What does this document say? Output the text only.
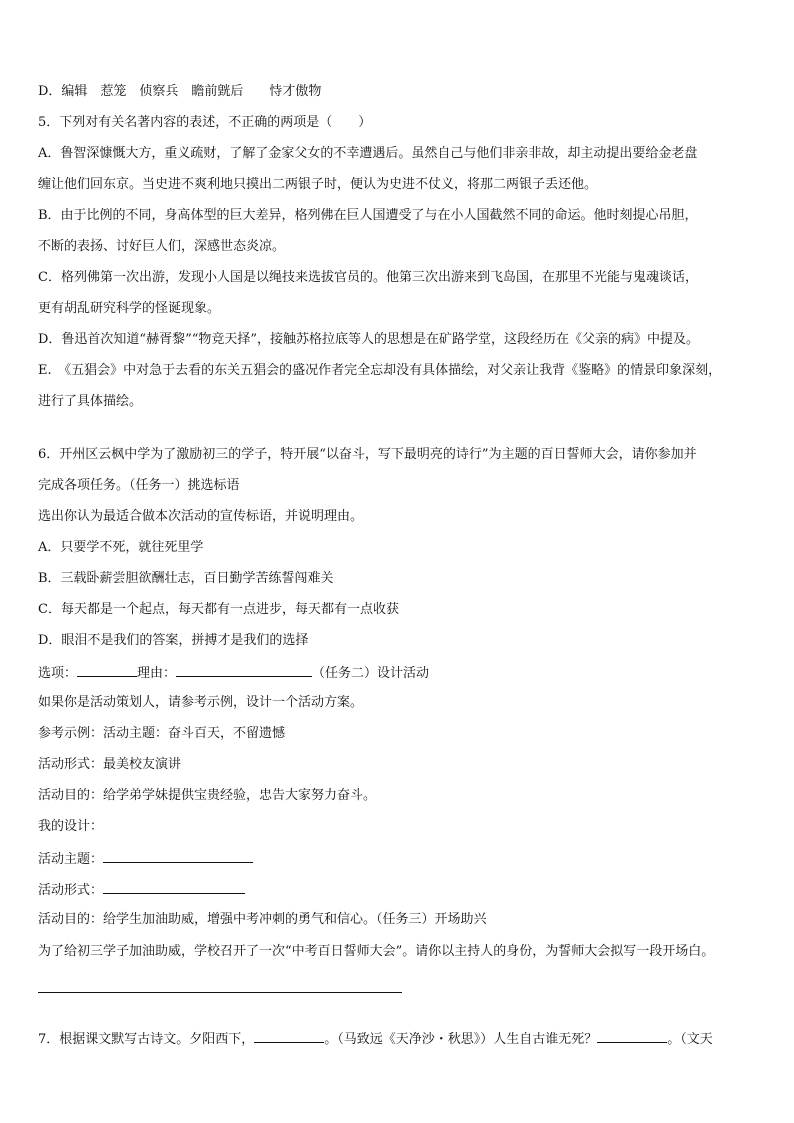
D．编辑　惹笼　侦察兵　瞻前皝后　　恃才傲物
5．下列对有关名著内容的表述，不正确的两项是（　　）
A．鲁智深慷慨大方，重义疏财，了解了金家父女的不幸遭遇后。虽然自己与他们非亲非故，却主动提出要给金老盘
缠让他们回东京。当史进不爽利地只摸出二两银子时，便认为史进不仗义，将那二两银子丢还他。
B．由于比例的不同，身高体型的巨大差异，格列佛在巨人国遭受了与在小人国截然不同的命运。他时刻提心吊胆，
不断的表扬、讨好巨人们，深感世态炎凉。
C．格列佛第一次出游，发现小人国是以绳技来选拔官员的。他第三次出游来到飞岛国，在那里不光能与鬼魂谈话，
更有胡乱研究科学的怪诞现象。
D．鲁迅首次知道“赫胥黎”“物竞天择”，接触苏格拉底等人的思想是在矿路学堂，这段经历在《父亲的病》中提及。
E.　《五猖会》中对急于去看的东关五猖会的盛况作者完全忘却没有具体描绘，对父亲让我背《鉴略》的情景印象深刻，
进行了具体描绘。
6．开州区云枫中学为了激励初三的学子，特开展“以奋斗，写下最明亮的诗行”为主题的百日誓师大会，请你参加并
完成各项任务。（任务一）挑选标语
选出你认为最适合做本次活动的宣传标语，并说明理由。
A．只要学不死，就往死里学
B．三载卧薪尝胆欲酬壮志，百日勤学苦练誓闯难关
C．每天都是一个起点，每天都有一点进步，每天都有一点收获
D．眼泪不是我们的答案，拼搏才是我们的选择
选项：	理由：	（任务二）设计活动
如果你是活动策划人，请参考示例，设计一个活动方案。
参考示例：活动主题：奋斗百天，不留遗憾
活动形式：最美校友演讲
活动目的：给学弟学妹提供宝贵经验，忠告大家努力奋斗。
我的设计：
活动主题：
活动形式：
活动目的：给学生加油助威，增强中考冲刺的勇气和信心。（任务三）开场助兴
为了给初三学子加油助威，学校召开了一次“中考百日誓师大会”。请你以主持人的身份，为誓师大会拟写一段开场白。
7．根据课文默写古诗文。夕阳西下，	。（马致远《天净沙・秋思》）人生自古谁无死？	。（文天
